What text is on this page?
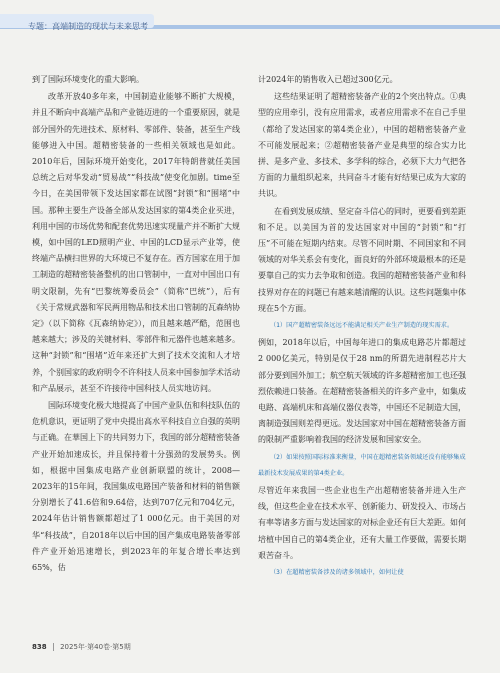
专题：高端制造的现状与未来思考

到了国际环境变化的重大影响。

改革开放40多年来，中国制造业能够不断扩大规模，并且不断向中高端产品和产业链迈进的一个重要原因，就是部分国外的先进技术、原材料、零部件、装备，甚至生产线能够进入中国。超精密装备的一些相关领域也是如此。2010年后，国际环境开始变化，2017年特朗普就任美国总统之后对华发动“贸易战”“科技战”使变化加剧。time至今日，在美国带领下发达国家都在试图“封锁”和“围堵”中国。那种主要生产设备全部从发达国家的第4类企业买进，利用中国的市场优势和配套优势迅速实现量产并不断扩大规模，如中国的LED照明产业、中国的LCD显示产业等，使终端产品横扫世界的大环境已不复存在。西方国家在用于加工制造的超精密装备整机的出口管制中，一直对中国出口有明文限制，先有“巴黎统筹委员会”（简称“巴统”），后有《关于常规武器和军民两用物品和技术出口管制的瓦森纳协定》（以下简称《瓦森纳协定》），而且越来越严酷，范围也越来越大；涉及的关键材料、零部件和元器件也越来越多。这种“封锁”和“围堵”近年来还扩大到了技术交流和人才培养，个别国家的政府明令不许科技人员来中国参加学术活动和产品展示，甚至不许接待中国科技人员实地访问。

国际环境变化极大地提高了中国产业队伍和科技队伍的危机意识，更证明了党中央提出高水平科技自立自强的英明与正确。在華国上下的共同努力下，我国的部分超精密装备产业开始加速成长，并且保持着十分强劲的发展势头。例如，根据中国集成电路产业创新联盟的统计，2008—2023年的15年间，我国集成电路国产装备和材料的销售额分别增长了41.6倍和9.64倍，达到707亿元和704亿元，2024年估计销售额都超过了1 000亿元。由于美国的对华“科技战”，自2018年以后中国的国产集成电路装备零部件产业开始迅速增长，到2023年的年复合增长率达到65%，估

计2024年的销售收入已超过300亿元。

这些结果证明了超精密装备产业的2个突出特点。①典型的应用牵引，没有应用需求，或者应用需求不在自己手里（都给了发达国家的第4类企业），中国的超精密装备产业不可能发展起来；②超精密装备产业是典型的综合实力比拼、是多产业、多技术、多学科的综合，必须下大力气把各方面的力量组织起来，共同奋斗才能有好结果已成为大家的共识。

在看到发展成绩、坚定奋斗信心的同时，更要看到差距和不足。以美国为首的发达国家对中国的“封锁”和“打压”不可能在短期内结束。尽管不同时期、不同国家和不同领域的对华关系会有变化，面良好的外部环境最根本的还是要靠自己的实力去争取和创造。我国的超精密装备产业和科技界对存在的问题已有越来越清醒的认识。这些问题集中体现在5个方面。

（1）国产超精密装备远远不能满足相关产业生产制造的现实需求。

例如，2018年以后，中国每年进口的集成电路芯片都超过2 000亿美元，特别是仅于28 nm的所谓先进制程芯片大部分要到国外加工；航空航天领域的许多超精密加工也还强烈依赖进口装备。在超精密装备相关的许多产业中，如集成电路、高端机床和高端仪器仪表等，中国还不足制造大国，离制造强国则差得更远。发达国家对中国在超精密装备方面的限制严重影响着我国的经济发展和国家安全。

（2）如果按照国际标准来衡量，中国在超精密装备领域还没有能够集成最新技术发展成果的第4类企业。

尽管近年来我国一些企业也生产出超精密装备并进入生产线，但这些企业在技术水平、创新能力、研发投入、市场占有率等诸多方面与发达国家的对标企业还有巨大差距。如何培植中国自己的第4类企业，还有大量工作要做，需要长期艰苦奋斗。

（3）在超精密装备涉及的诸多领域中，如何让使

838 2025年·第40卷·第5期
